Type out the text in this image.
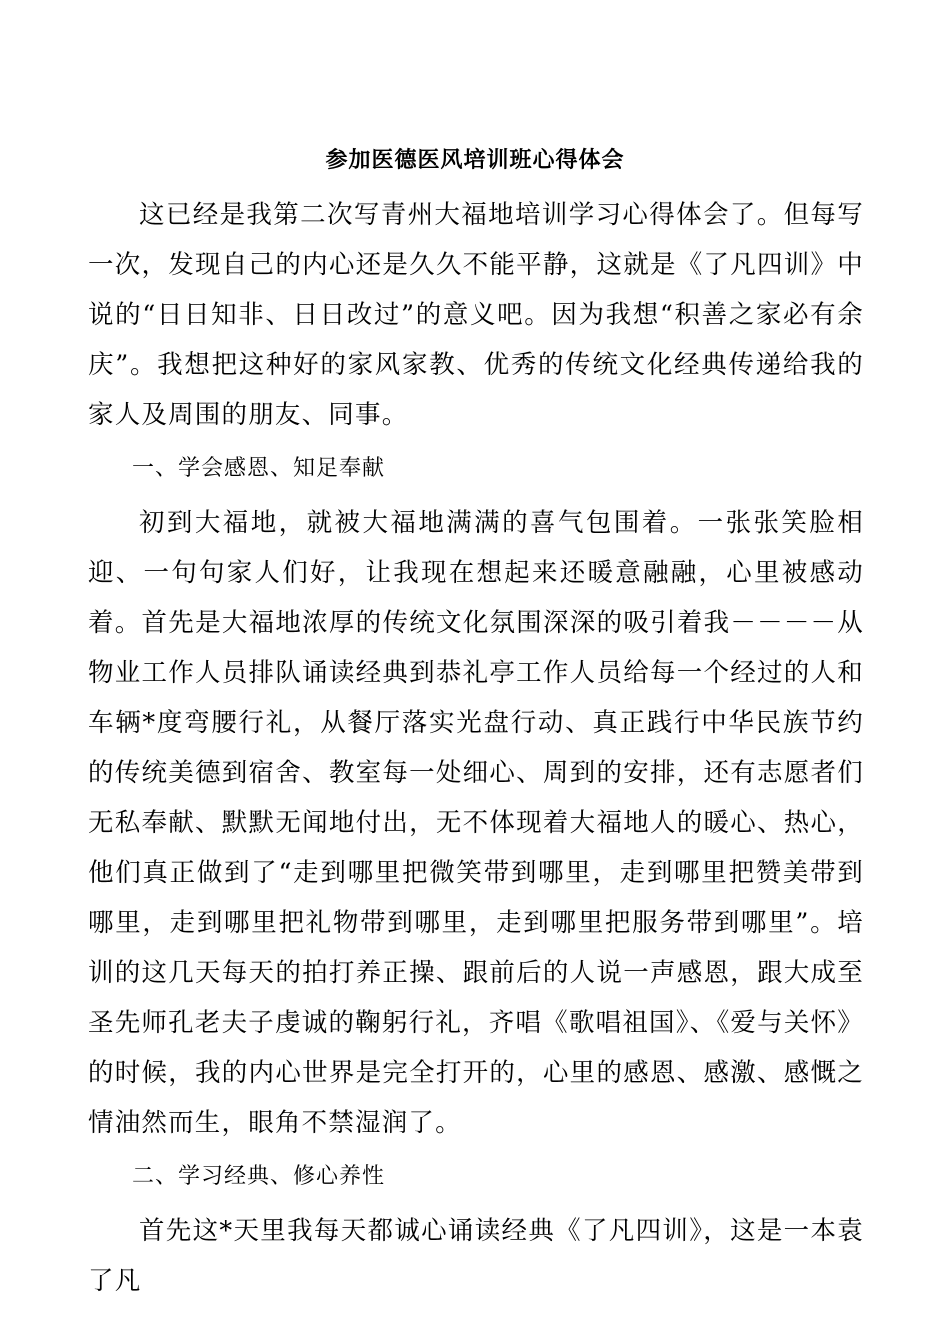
参加医德医风培训班心得体会

这已经是我第二次写青州大福地培训学习心得体会了。但每写一次，发现自己的内心还是久久不能平静，这就是《了凡四训》中说的“日日知非、日日改过”的意义吧。因为我想“积善之家必有余庆”。我想把这种好的家风家教、优秀的传统文化经典传递给我的家人及周围的朋友、同事。

一、学会感恩、知足奉献

初到大福地，就被大福地满满的喜气包围着。一张张笑脸相迎、一句句家人们好，让我现在想起来还暖意融融，心里被感动着。首先是大福地浓厚的传统文化氛围深深的吸引着我－－－－从物业工作人员排队诵读经典到恭礼亭工作人员给每一个经过的人和车辆*度弯腰行礼，从餐厅落实光盘行动、真正践行中华民族节约的传统美德到宿舍、教室每一处细心、周到的安排，还有志愿者们无私奉献、默默无闻地付出，无不体现着大福地人的暖心、热心，他们真正做到了“走到哪里把微笑带到哪里，走到哪里把赞美带到哪里，走到哪里把礼物带到哪里，走到哪里把服务带到哪里”。培训的这几天每天的拍打养正操、跟前后的人说一声感恩，跟大成至圣先师孔老夫子虔诚的鞠躬行礼，齐唱《歌唱祖国》、《爱与关怀》的时候，我的内心世界是完全打开的，心里的感恩、感激、感慨之情油然而生，眼角不禁湿润了。

二、学习经典、修心养性

首先这*天里我每天都诚心诵读经典《了凡四训》，这是一本袁了凡
